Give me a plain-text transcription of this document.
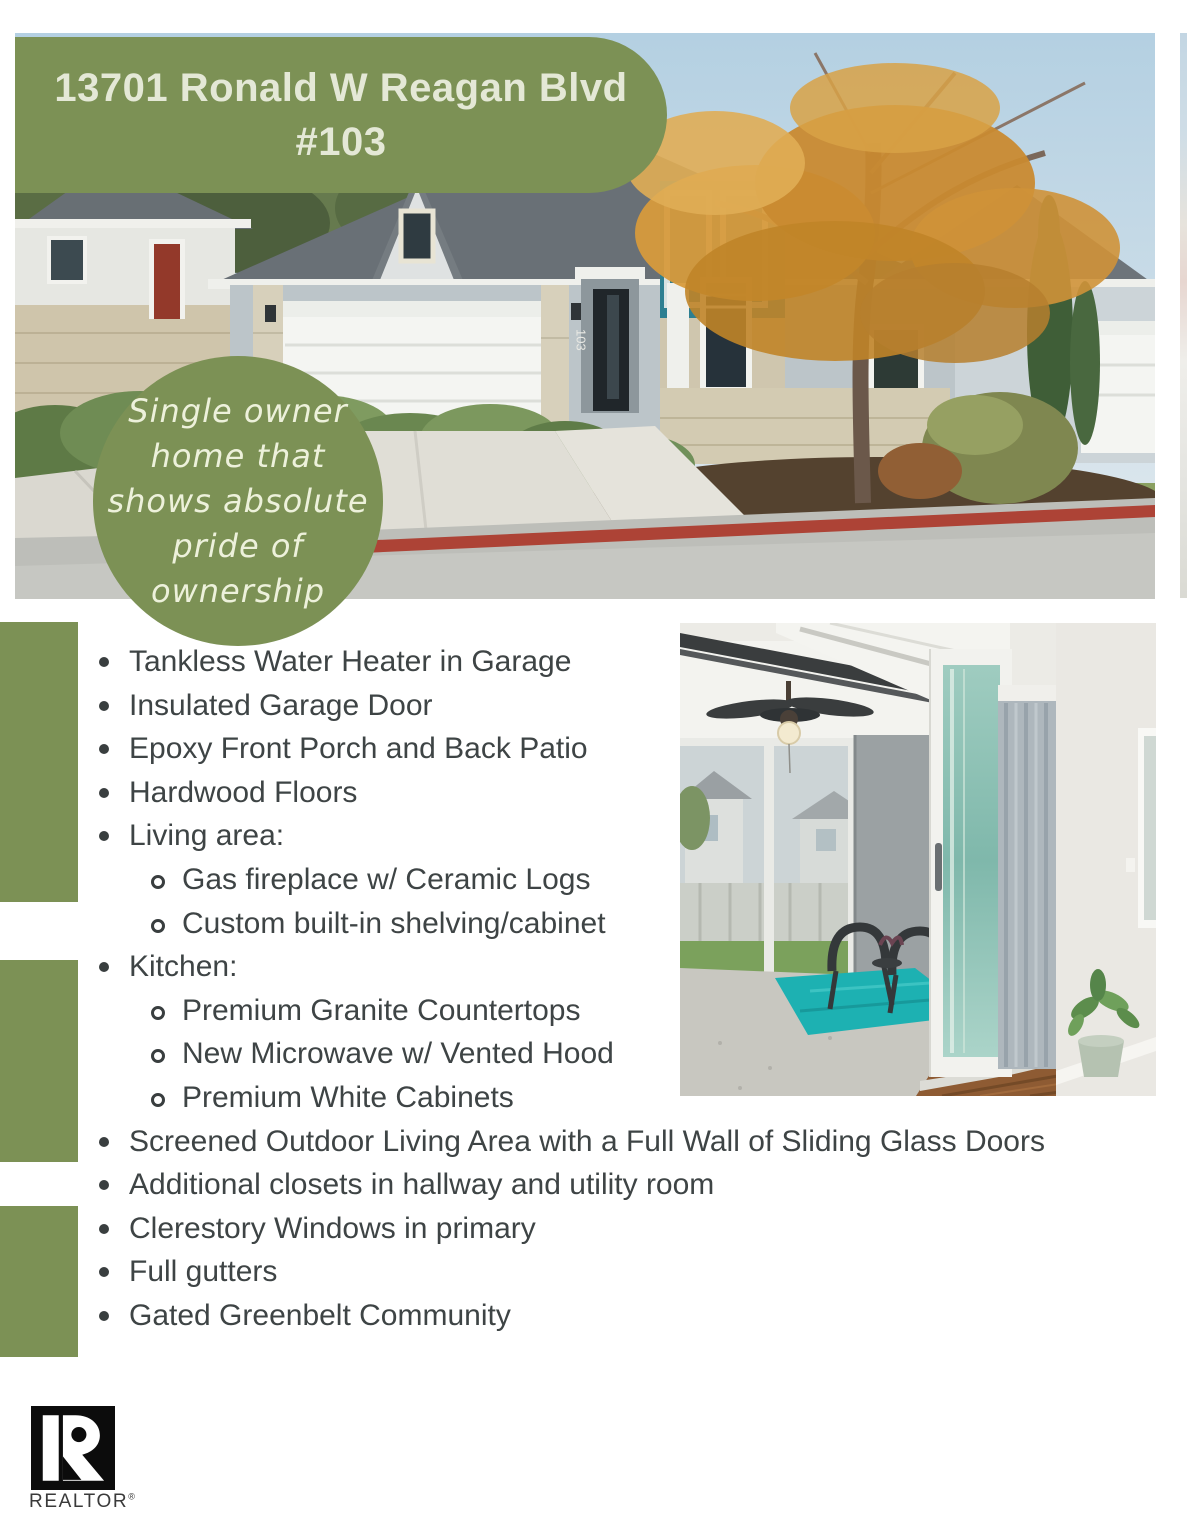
103
13701 Ronald W Reagan Blvd
#103
Single owner
home that
shows absolute
pride of
ownership
Tankless Water Heater in Garage
Insulated Garage Door
Epoxy Front Porch and Back Patio
Hardwood Floors
Living area:
Gas fireplace w/ Ceramic Logs
Custom built-in shelving/cabinet
Kitchen:
Premium Granite Countertops
New Microwave w/ Vented Hood
Premium White Cabinets
Screened Outdoor Living Area with a Full Wall of Sliding Glass Doors
Additional closets in hallway and utility room
Clerestory Windows in primary
Full gutters
Gated Greenbelt Community
REALTOR®
